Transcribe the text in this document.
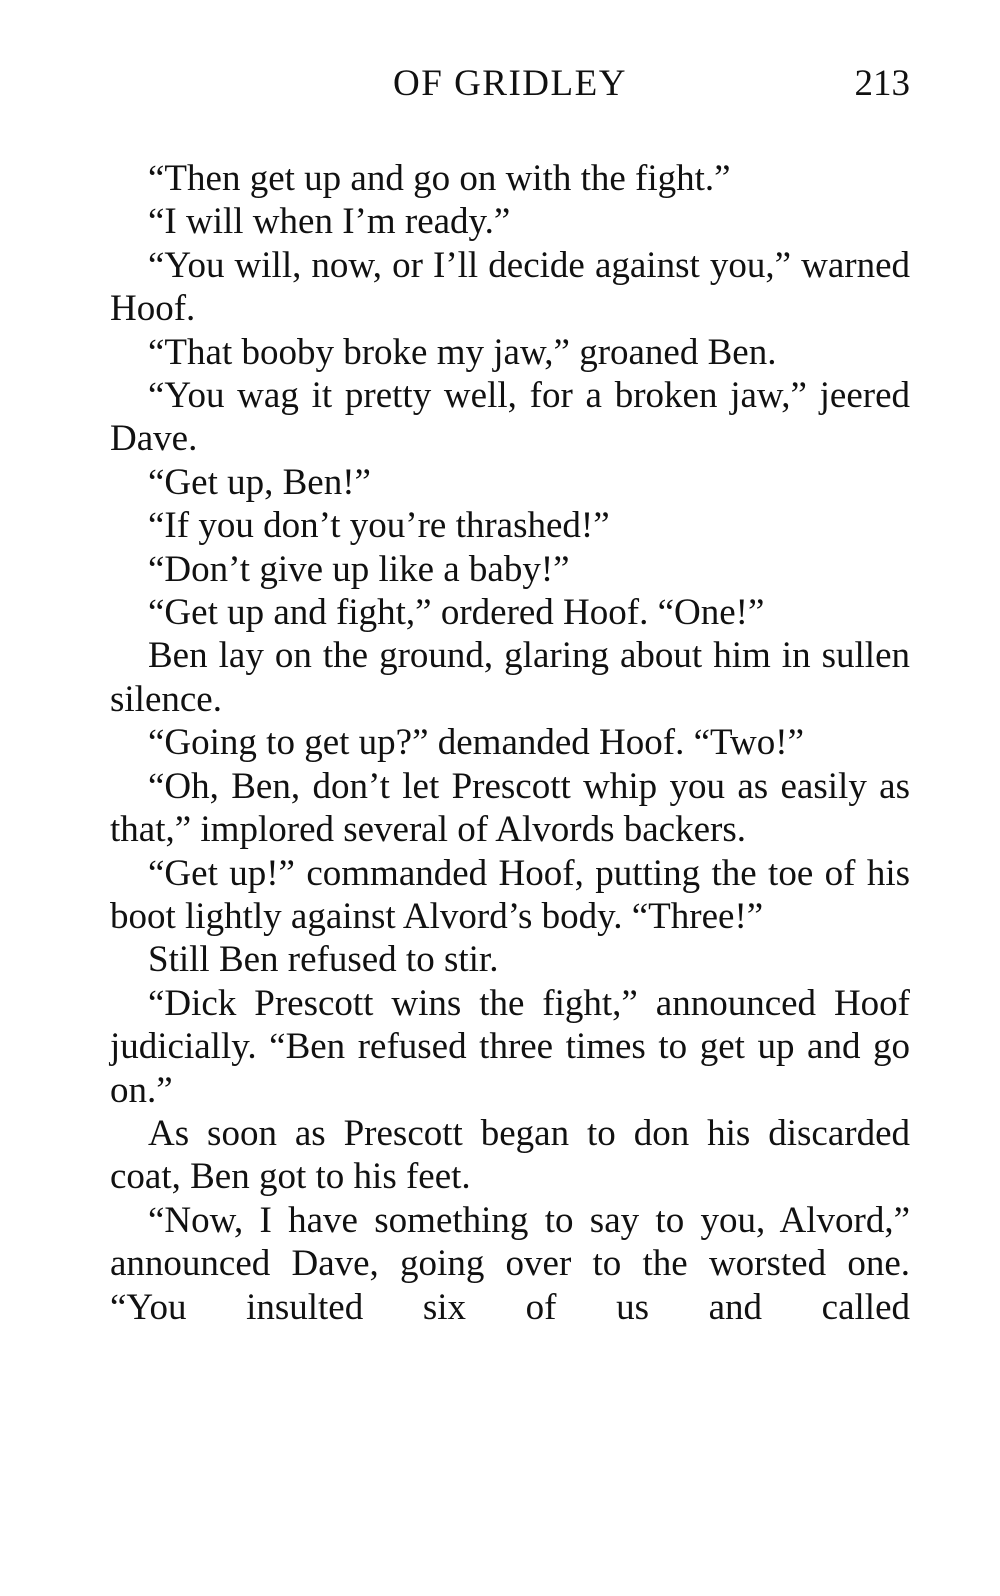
OF GRIDLEY	213

“Then get up and go on with the fight.”

“I will when I’m ready.”

“You will, now, or I’ll decide against you,” warned Hoof.

“That booby broke my jaw,” groaned Ben.

“You wag it pretty well, for a broken jaw,” jeered Dave.

“Get up, Ben!”

“If you don’t you’re thrashed!”

“Don’t give up like a baby!”

“Get up and fight,” ordered Hoof. “One!”

Ben lay on the ground, glaring about him in sullen silence.

“Going to get up?” demanded Hoof. “Two!”

“Oh, Ben, don’t let Prescott whip you as easily as that,” implored several of Alvords backers.

“Get up!” commanded Hoof, putting the toe of his boot lightly against Alvord’s body. “Three!”

Still Ben refused to stir.

“Dick Prescott wins the fight,” announced Hoof judicially. “Ben refused three times to get up and go on.”

As soon as Prescott began to don his discarded coat, Ben got to his feet.

“Now, I have something to say to you, Alvord,” announced Dave, going over to the worsted one. “You insulted six of us and called
